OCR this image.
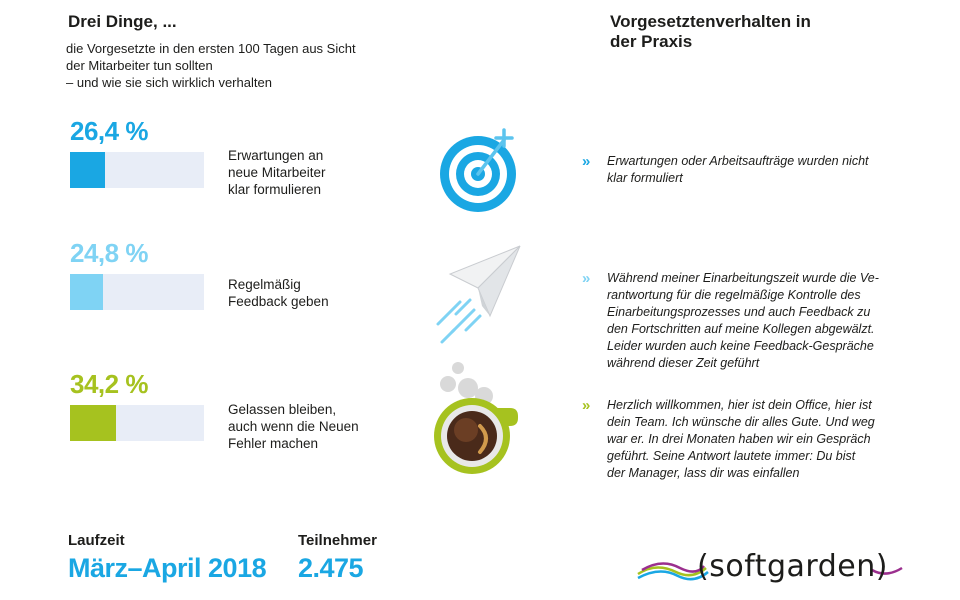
Drei Dinge, ...
die Vorgesetzte in den ersten 100 Tagen aus Sicht
der Mitarbeiter tun sollten
– und wie sie sich wirklich verhalten
Vorgesetztenverhalten in
der Praxis
26,4 %
Erwartungen an
neue Mitarbeiter
klar formulieren
24,8 %
Regelmäßig
Feedback geben
34,2 %
Gelassen bleiben,
auch wenn die Neuen
Fehler machen
» Erwartungen oder Arbeitsaufträge wurden nicht
klar formuliert
» Während meiner Einarbeitungszeit wurde die Ve-
rantwortung für die regelmäßige Kontrolle des
Einarbeitungsprozesses und auch Feedback zu
den Fortschritten auf meine Kollegen abgewälzt.
Leider wurden auch keine Feedback-Gespräche
während dieser Zeit geführt
» Herzlich willkommen, hier ist dein Office, hier ist
dein Team. Ich wünsche dir alles Gute. Und weg
war er. In drei Monaten haben wir ein Gespräch
geführt. Seine Antwort lautete immer: Du bist
der Manager, lass dir was einfallen
Laufzeit
März–April 2018
Teilnehmer
2.475	(softgarden)
